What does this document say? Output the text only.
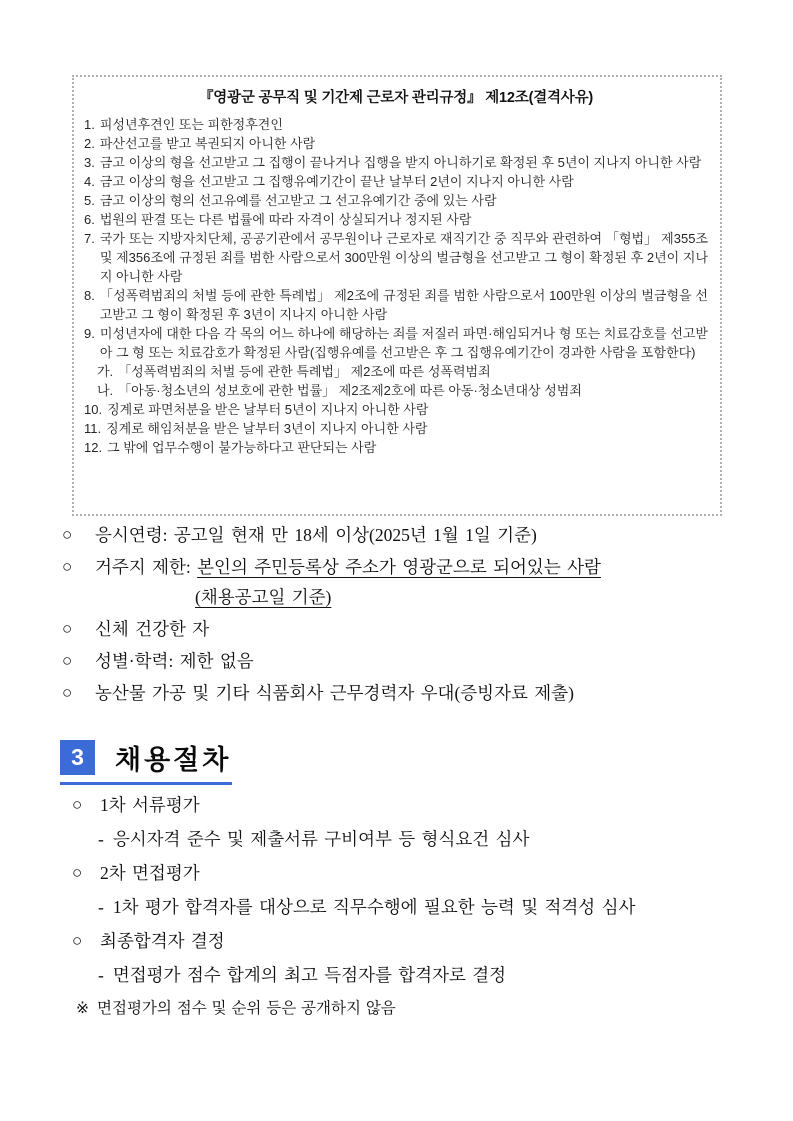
『영광군 공무직 및 기간제 근로자 관리규정』 제12조(결격사유)
1. 피성년후견인 또는 피한정후견인
2. 파산선고를 받고 복권되지 아니한 사람
3. 금고 이상의 형을 선고받고 그 집행이 끝나거나 집행을 받지 아니하기로 확정된 후 5년이 지나지 아니한 사람
4. 금고 이상의 형을 선고받고 그 집행유예기간이 끝난 날부터 2년이 지나지 아니한 사람
5. 금고 이상의 형의 선고유예를 선고받고 그 선고유예기간 중에 있는 사람
6. 법원의 판결 또는 다른 법률에 따라 자격이 상실되거나 정지된 사람
7. 국가 또는 지방자치단체, 공공기관에서 공무원이나 근로자로 재직기간 중 직무와 관련하여 「형법」 제355조 및 제356조에 규정된 죄를 범한 사람으로서 300만원 이상의 벌금형을 선고받고 그 형이 확정된 후 2년이 지나지 아니한 사람
8. 「성폭력범죄의 처벌 등에 관한 특례법」 제2조에 규정된 죄를 범한 사람으로서 100만원 이상의 벌금형을 선고받고 그 형이 확정된 후 3년이 지나지 아니한 사람
9. 미성년자에 대한 다음 각 목의 어느 하나에 해당하는 죄를 저질러 파면·해임되거나 형 또는 치료감호를 선고받아 그 형 또는 치료감호가 확정된 사람(집행유예를 선고받은 후 그 집행유예기간이 경과한 사람을 포함한다)
가. 「성폭력범죄의 처벌 등에 관한 특례법」 제2조에 따른 성폭력범죄
나. 「아동·청소년의 성보호에 관한 법률」 제2조제2호에 따른 아동·청소년대상 성범죄
10. 징계로 파면처분을 받은 날부터 5년이 지나지 아니한 사람
11. 징계로 해임처분을 받은 날부터 3년이 지나지 아니한 사람
12. 그 밖에 업무수행이 불가능하다고 판단되는 사람
○	응시연령: 공고일 현재 만 18세 이상(2025년 1월 1일 기준)
○	거주지 제한: 본인의 주민등록상 주소가 영광군으로 되어있는 사람
(채용공고일 기준)
○	신체 건강한 자
○	성별·학력: 제한 없음
○	농산물 가공 및 기타 식품회사 근무경력자 우대(증빙자료 제출)
3	채용절차
○	1차 서류평가
- 응시자격 준수 및 제출서류 구비여부 등 형식요건 심사
○	2차 면접평가
- 1차 평가 합격자를 대상으로 직무수행에 필요한 능력 및 적격성 심사
○	최종합격자 결정
- 면접평가 점수 합계의 최고 득점자를 합격자로 결정
※ 면접평가의 점수 및 순위 등은 공개하지 않음
